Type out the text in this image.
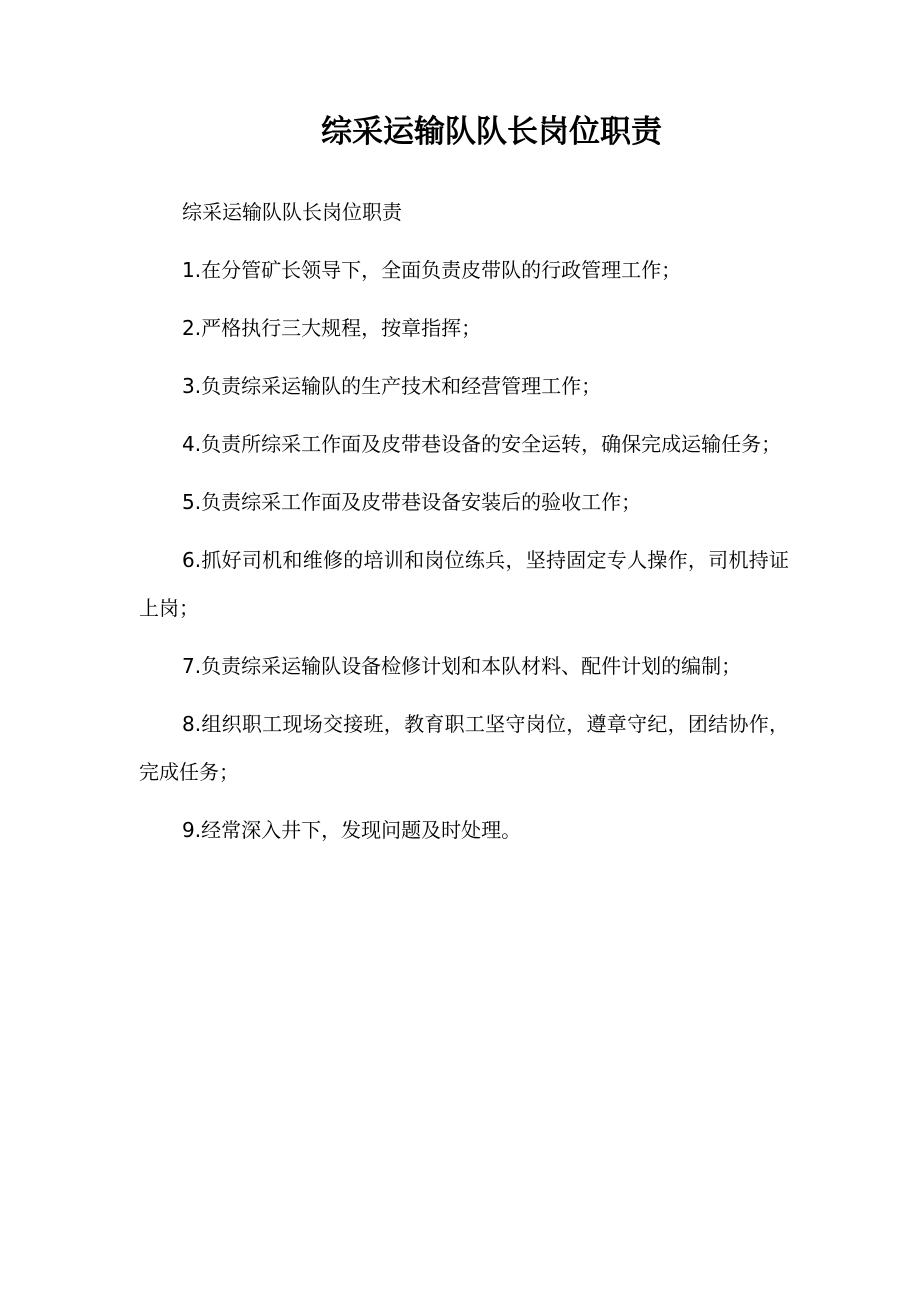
综采运输队队长岗位职责

综采运输队队长岗位职责

1.在分管矿长领导下，全面负责皮带队的行政管理工作；

2.严格执行三大规程，按章指挥；

3.负责综采运输队的生产技术和经营管理工作；

4.负责所综采工作面及皮带巷设备的安全运转，确保完成运输任务；

5.负责综采工作面及皮带巷设备安装后的验收工作；

6.抓好司机和维修的培训和岗位练兵，坚持固定专人操作，司机持证上岗；

7.负责综采运输队设备检修计划和本队材料、配件计划的编制；

8.组织职工现场交接班，教育职工坚守岗位，遵章守纪，团结协作，完成任务；

9.经常深入井下，发现问题及时处理。
